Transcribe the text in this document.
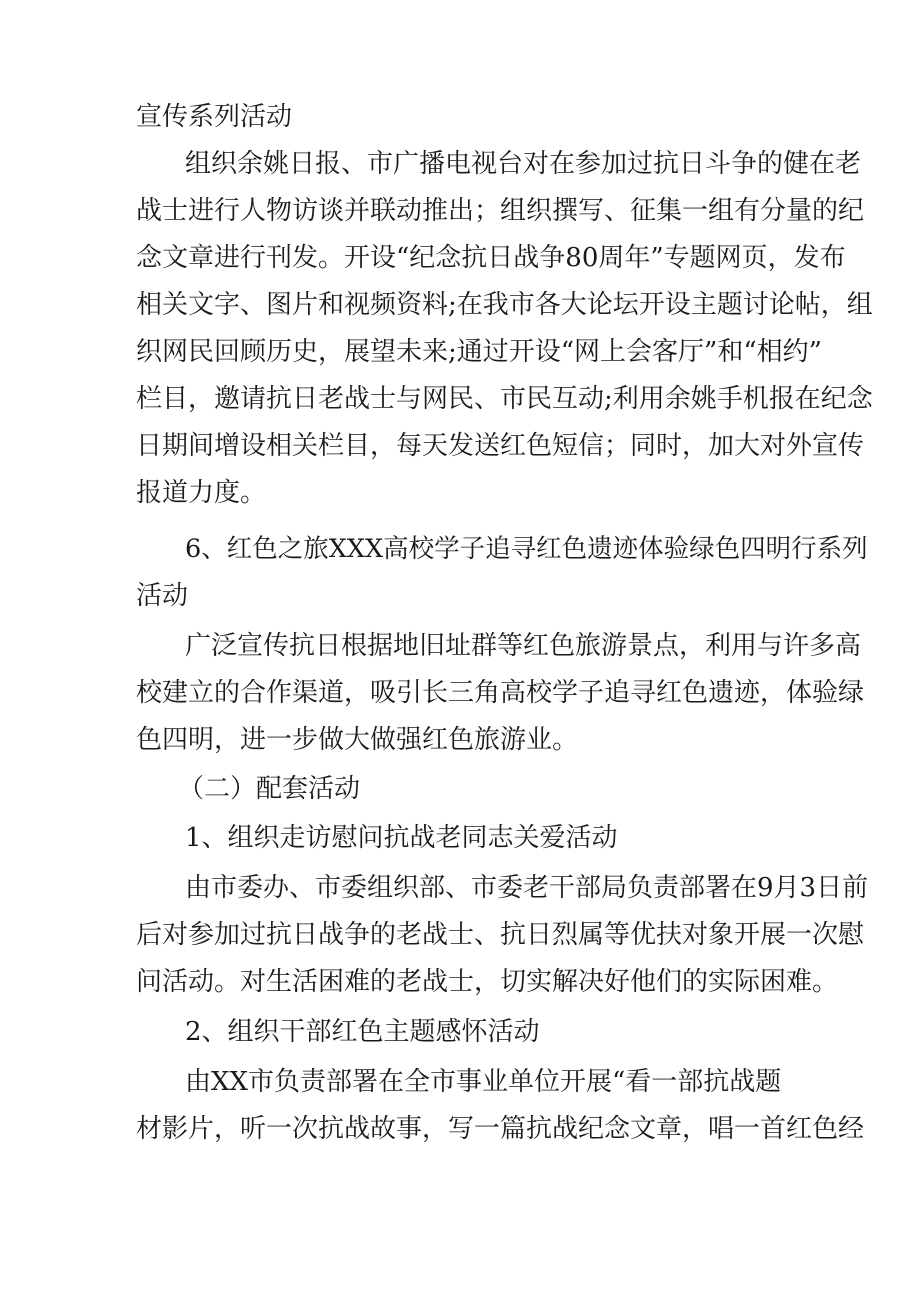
宣传系列活动
组织余姚日报、市广播电视台对在参加过抗日斗争的健在老
战士进行人物访谈并联动推出；组织撰写、征集一组有分量的纪
念文章进行刊发。开设“纪念抗日战争80周年”专题网页，发布
相关文字、图片和视频资料;在我市各大论坛开设主题讨论帖，组
织网民回顾历史，展望未来;通过开设“网上会客厅”和“相约”
栏目，邀请抗日老战士与网民、市民互动;利用余姚手机报在纪念
日期间增设相关栏目，每天发送红色短信；同时，加大对外宣传
报道力度。
6、红色之旅XXX高校学子追寻红色遗迹体验绿色四明行系列
活动
广泛宣传抗日根据地旧址群等红色旅游景点，利用与许多高
校建立的合作渠道，吸引长三角高校学子追寻红色遗迹，体验绿
色四明，进一步做大做强红色旅游业。
（二）配套活动
1、组织走访慰问抗战老同志关爱活动
由市委办、市委组织部、市委老干部局负责部署在9月3日前
后对参加过抗日战争的老战士、抗日烈属等优扶对象开展一次慰
问活动。对生活困难的老战士，切实解决好他们的实际困难。
2、组织干部红色主题感怀活动
由XX市负责部署在全市事业单位开展“看一部抗战题
材影片，听一次抗战故事，写一篇抗战纪念文章，唱一首红色经
